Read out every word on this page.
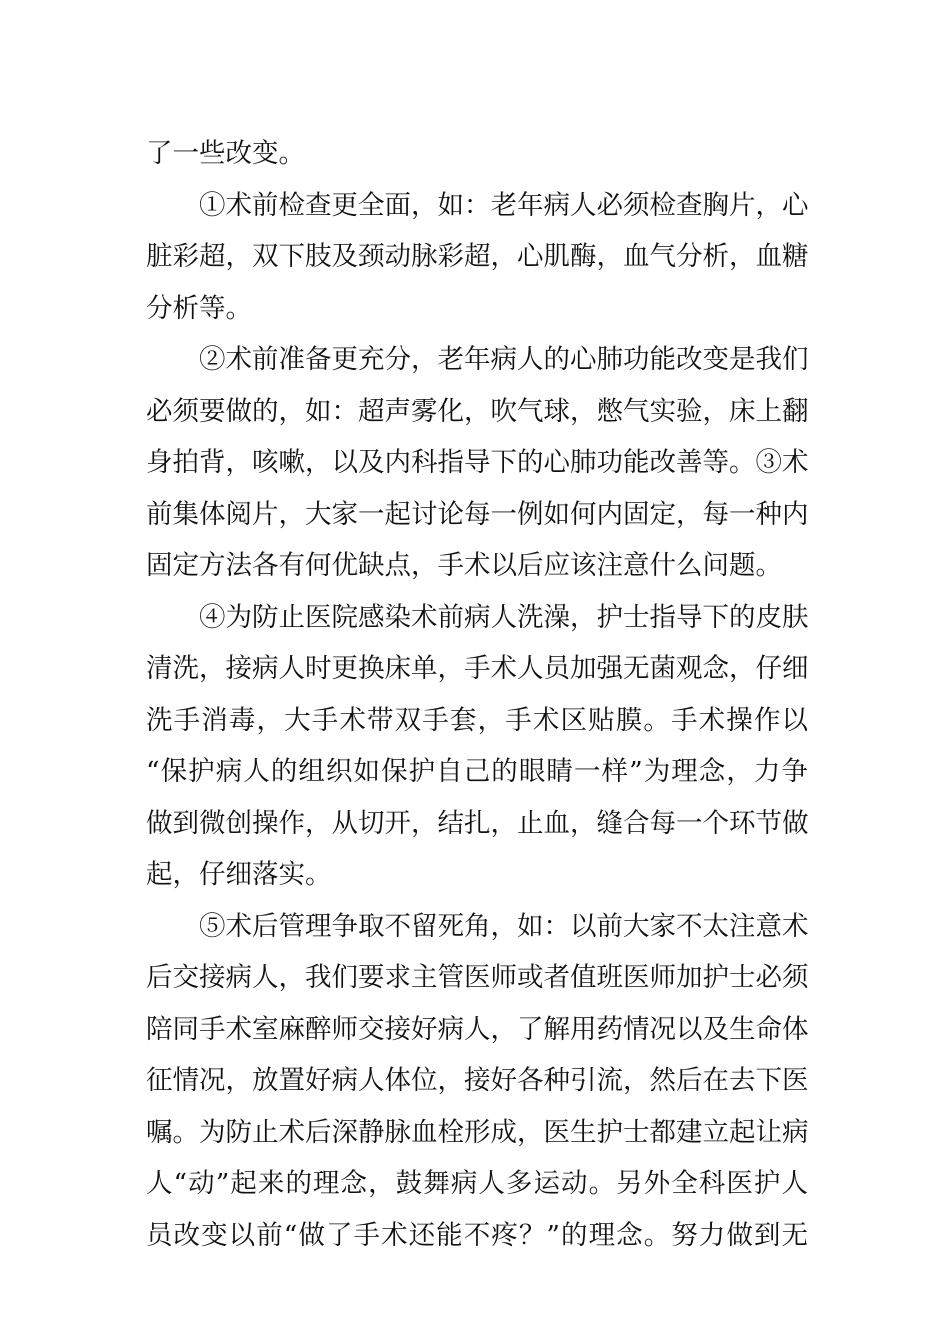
了一些改变。
　　①术前检查更全面，如：老年病人必须检查胸片，心
脏彩超，双下肢及颈动脉彩超，心肌酶，血气分析，血糖
分析等。
　　②术前准备更充分，老年病人的心肺功能改变是我们
必须要做的，如：超声雾化，吹气球，憋气实验，床上翻
身拍背，咳嗽，以及内科指导下的心肺功能改善等。③术
前集体阅片，大家一起讨论每一例如何内固定，每一种内
固定方法各有何优缺点，手术以后应该注意什么问题。
　　④为防止医院感染术前病人洗澡，护士指导下的皮肤
清洗，接病人时更换床单，手术人员加强无菌观念，仔细
洗手消毒，大手术带双手套，手术区贴膜。手术操作以
“保护病人的组织如保护自己的眼睛一样”为理念，力争
做到微创操作，从切开，结扎，止血，缝合每一个环节做
起，仔细落实。
　　⑤术后管理争取不留死角，如：以前大家不太注意术
后交接病人，我们要求主管医师或者值班医师加护士必须
陪同手术室麻醉师交接好病人，了解用药情况以及生命体
征情况，放置好病人体位，接好各种引流，然后在去下医
嘱。为防止术后深静脉血栓形成，医生护士都建立起让病
人“动”起来的理念，鼓舞病人多运动。另外全科医护人
员改变以前“做了手术还能不疼？”的理念。努力做到无
